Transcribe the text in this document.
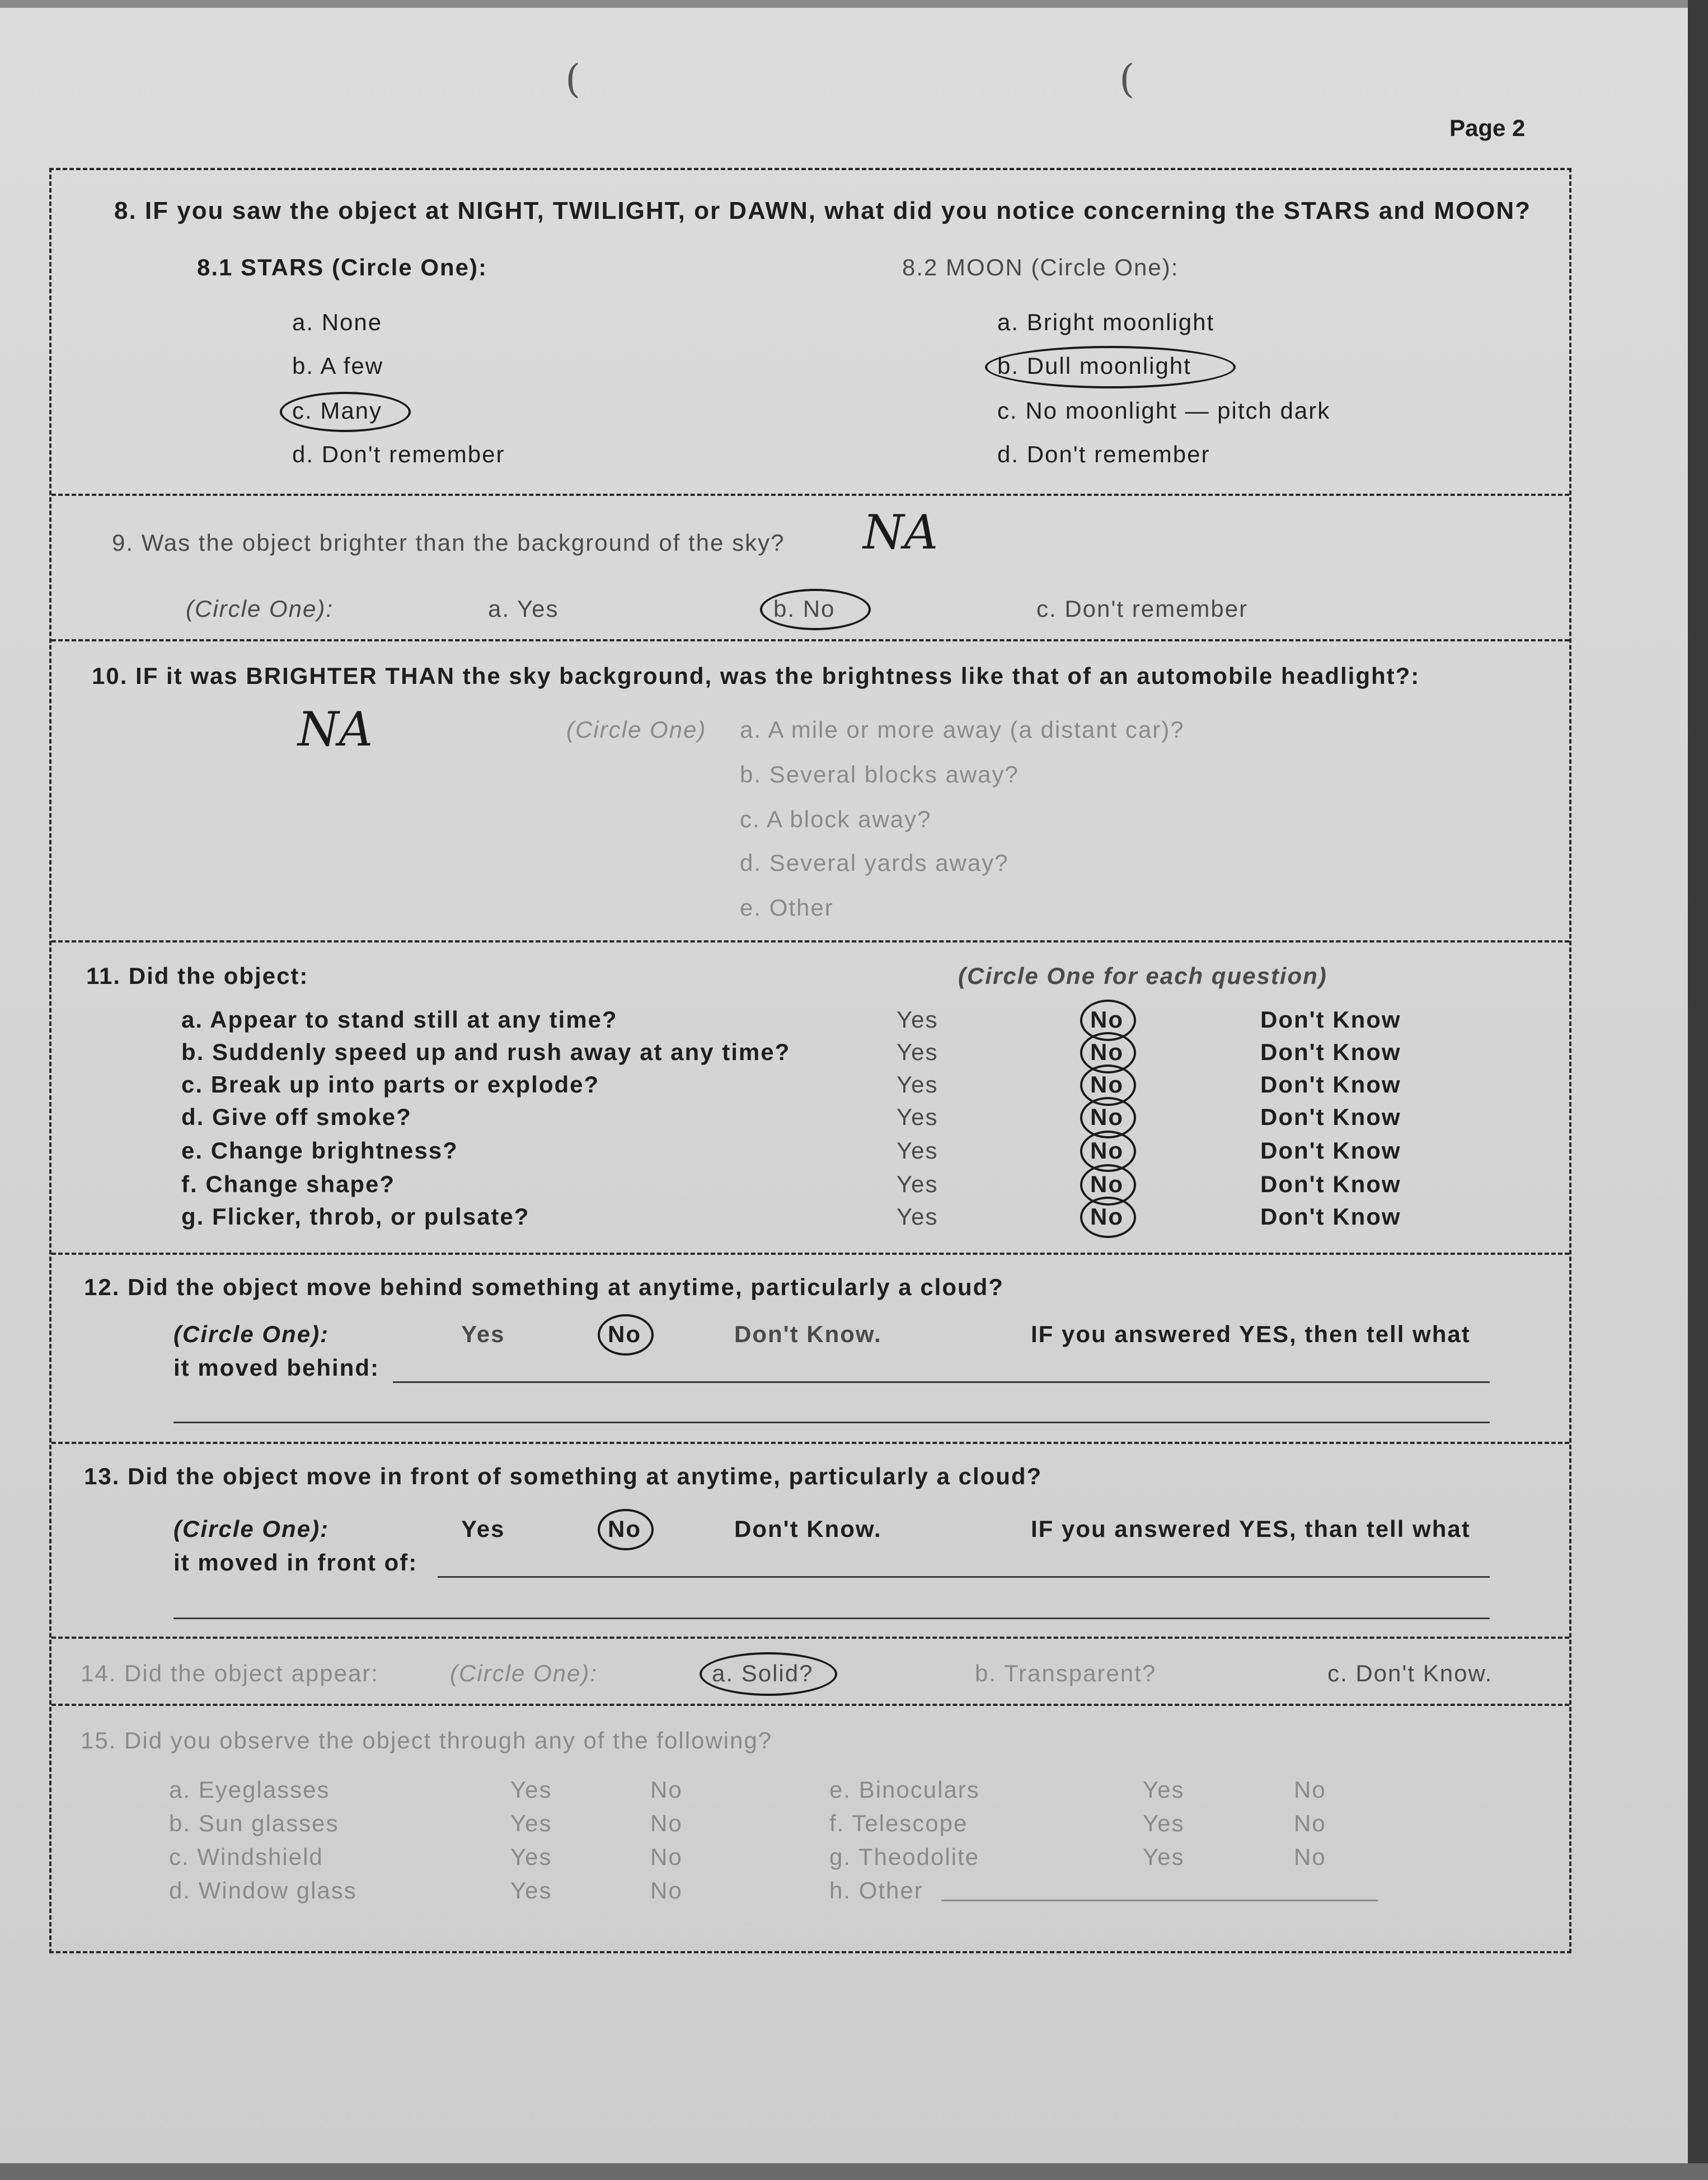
(	(
Page 2
8. IF you saw the object at NIGHT, TWILIGHT, or DAWN, what did you notice concerning the STARS and MOON?
8.1 STARS (Circle One):	8.2 MOON (Circle One):
a. None
b. A few
c. Many
d. Don't remember
a. Bright moonlight
b. Dull moonlight
c. No moonlight — pitch dark
d. Don't remember
9. Was the object brighter than the background of the sky? NA
(Circle One):	a. Yes	b. No	c. Don't remember
10. IF it was BRIGHTER THAN the sky background, was the brightness like that of an automobile headlight?:
NA	(Circle One) a. A mile or more away (a distant car)?
b. Several blocks away?
c. A block away?
d. Several yards away?
e. Other
11. Did the object:	(Circle One for each question)
a. Appear to stand still at any time?	Yes	No	Don't Know
b. Suddenly speed up and rush away at any time?	Yes	No	Don't Know
c. Break up into parts or explode?	Yes	No	Don't Know
d. Give off smoke?	Yes	No	Don't Know
e. Change brightness?	Yes	No	Don't Know
f. Change shape?	Yes	No	Don't Know
g. Flicker, throb, or pulsate?	Yes	No	Don't Know
12. Did the object move behind something at anytime, particularly a cloud?
(Circle One):	Yes	No	Don't Know.	IF you answered YES, then tell what
it moved behind:
13. Did the object move in front of something at anytime, particularly a cloud?
(Circle One):	Yes	No	Don't Know.	IF you answered YES, than tell what
it moved in front of:
14. Did the object appear:	(Circle One):	a. Solid?	b. Transparent?	c. Don't Know.
15. Did you observe the object through any of the following?
a. Eyeglasses	Yes	No
b. Sun glasses	Yes	No
c. Windshield	Yes	No
d. Window glass	Yes	No
e. Binoculars	Yes	No
f. Telescope	Yes	No
g. Theodolite	Yes	No
h. Other
